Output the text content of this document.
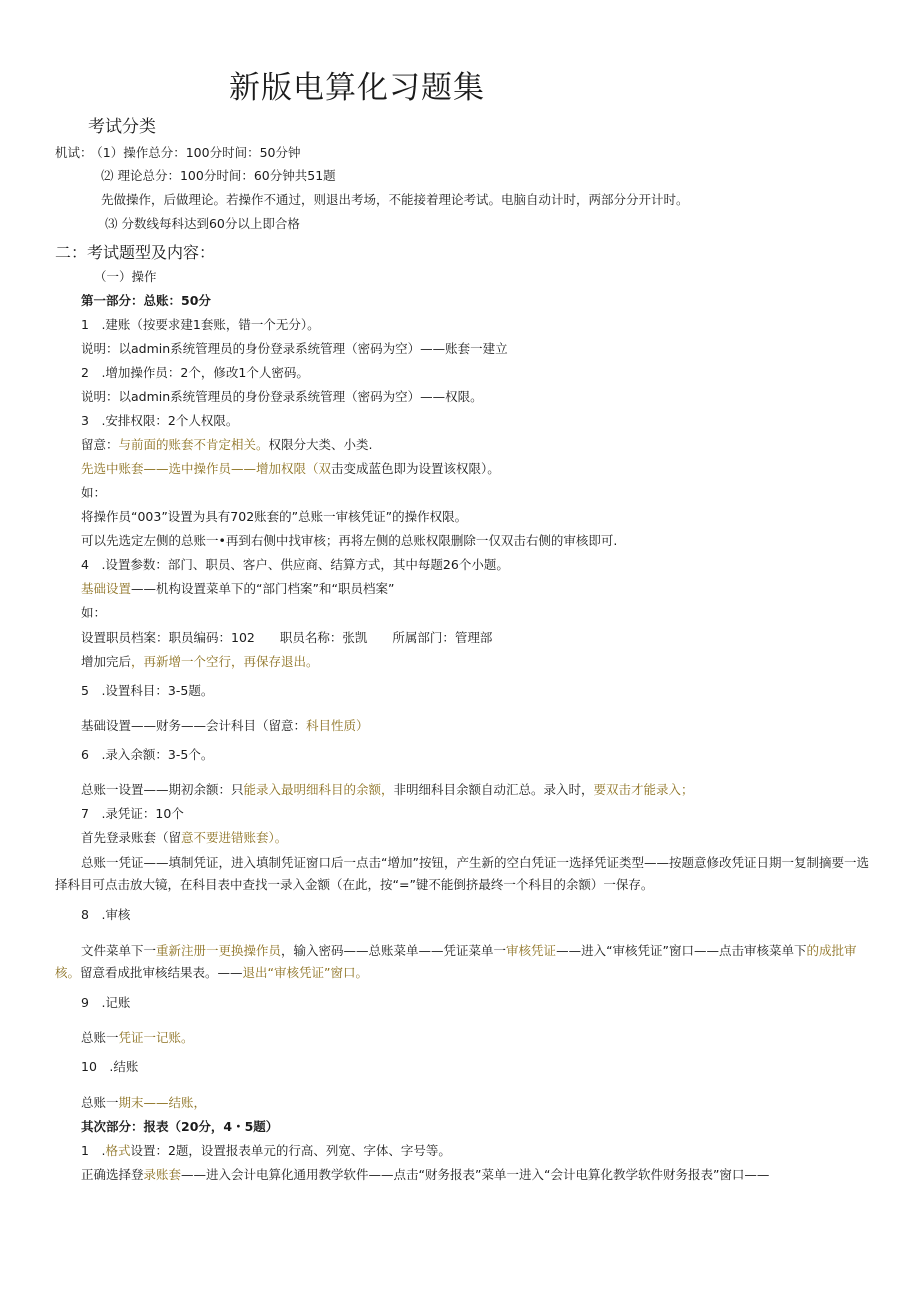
新版电算化习题集
考试分类
机试： （1）操作总分：100分时间：50分钟
⑵ 理论总分：100分时间：60分钟共51题
先做操作，后做理论。若操作不通过，则退出考场，不能接着理论考试。电脑自动计时，两部分分开计时。
⑶ 分数线每科达到60分以上即合格
二：考试题型及内容：
（一）操作
第一部分：总账：50分
1　.建账（按要求建1套账，错一个无分）。
说明：以admin系统管理员的身份登录系统管理（密码为空）——账套一建立
2　.增加操作员：2个，修改1个人密码。
说明：以admin系统管理员的身份登录系统管理（密码为空）——权限。
3　.安排权限：2个人权限。
留意：与前面的账套不肯定相关。权限分大类、小类.
先选中账套——选中操作员——增加权限（双击变成蓝色即为设置该权限）。
如：
将操作员“003”设置为具有702账套的”总账一审核凭证”的操作权限。
可以先选定左侧的总账一•再到右侧中找审核；再将左侧的总账权限删除一仅双击右侧的审核即可.
4　.设置参数：部门、职员、客户、供应商、结算方式，其中每题26个小题。
基础设置——机构设置菜单下的“部门档案”和“职员档案”
如：
设置职员档案：职员编码：102　　职员名称：张凯　　所属部门：管理部
增加完后，再新增一个空行，再保存退出。
5　.设置科目：3-5题。
基础设置——财务——会计科目（留意：科目性质）
6　.录入余额：3-5个。
总账一设置——期初余额：只能录入最明细科目的余额，非明细科目余额自动汇总。录入时，要双击才能录入；
7　.录凭证：10个
首先登录账套（留意不要进错账套）。
总账一凭证——填制凭证，进入填制凭证窗口后一点击“增加”按钮，产生新的空白凭证一选择凭证类型——按题意修改凭证日期一复制摘要一选择科目可点击放大镜，在科目表中查找一录入金额（在此，按“=”键不能倒挤最终一个科目的余额）一保存。
8　.审核
文件菜单下一重新注册一更换操作员，输入密码——总账菜单——凭证菜单一审核凭证——进入“审核凭证”窗口——点击审核菜单下的成批审核。留意看成批审核结果表。——退出“审核凭证”窗口。
9　.记账
总账一凭证一记账。
10　.结账
总账一期末——结账，
其次部分：报表（20分，4・5题）
1　.格式设置：2题，设置报表单元的行高、列宽、字体、字号等。
正确选择登录账套——进入会计电算化通用教学软件——点击“财务报表”菜单一进入“会计电算化教学软件财务报表”窗口——
